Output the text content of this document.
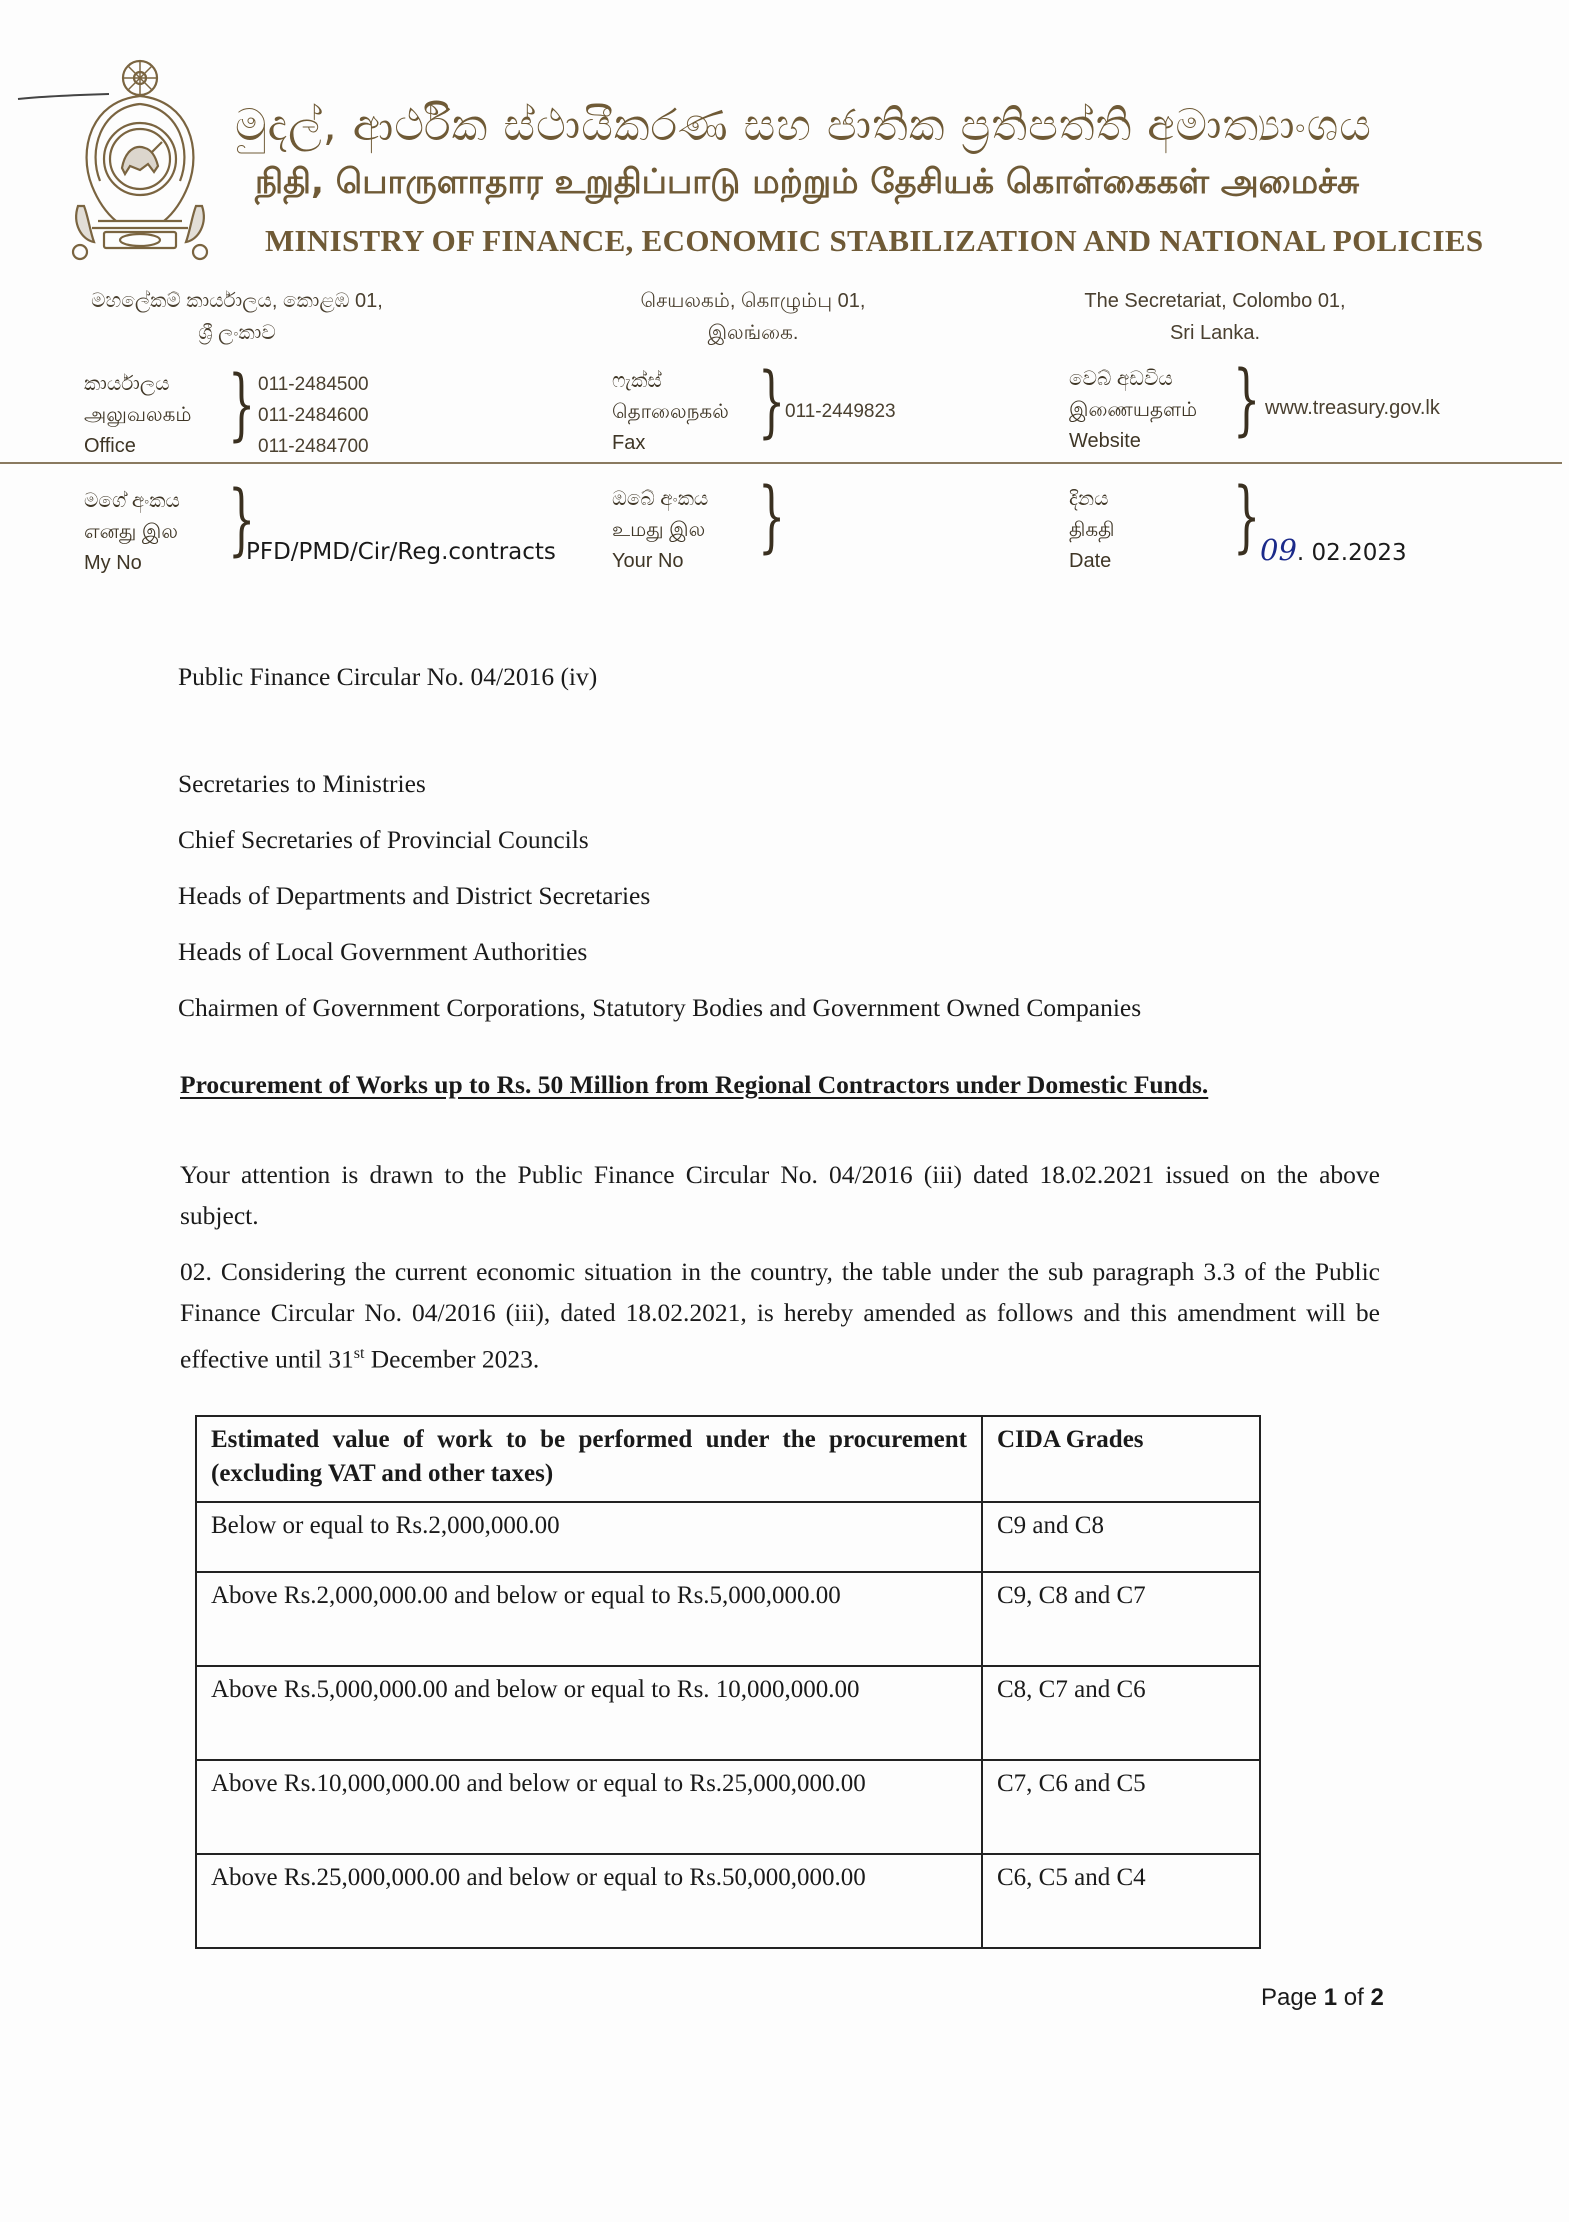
මුදල්, ආර්ථික ස්ථායීකරණ සහ ජාතික ප්‍රතිපත්ති අමාත්‍යාංශය
நிதி, பொருளாதார உறுதிப்பாடு மற்றும் தேசியக் கொள்கைகள் அமைச்சு
MINISTRY OF FINANCE, ECONOMIC STABILIZATION AND NATIONAL POLICIES
මහලේකම් කාර්යාලය, කොළඹ 01,
ශ්‍රී ලංකාව
செயலகம், கொழும்பு 01,
இலங்கை.
The Secretariat, Colombo 01,
Sri Lanka.
කාර්යාලය
அலுவலகம்
Office	} 011-2484500
011-2484600
011-2484700
ෆැක්ස්
தொலைநகல்
Fax	} 011-2449823
වෙබ් අඩවිය
இணையதளம்
Website	} www.treasury.gov.lk
මගේ අංකය
எனது இல
My No	}
PFD/PMD/Cir/Reg.contracts
ඔබේ අංකය
உமது இல
Your No }	දිනය
திகதி
Date } 09. 02.2023
Public Finance Circular No. 04/2016 (iv)
Secretaries to Ministries
Chief Secretaries of Provincial Councils
Heads of Departments and District Secretaries
Heads of Local Government Authorities
Chairmen of Government Corporations, Statutory Bodies and Government Owned Companies
Procurement of Works up to Rs. 50 Million from Regional Contractors under Domestic Funds.
Your attention is drawn to the Public Finance Circular No. 04/2016 (iii) dated 18.02.2021 issued on the above subject.
02. Considering the current economic situation in the country, the table under the sub paragraph 3.3 of the Public Finance Circular No. 04/2016 (iii), dated 18.02.2021, is hereby amended as follows and this amendment will be effective until 31st December 2023.
Estimated value of work to be performed under the procurement (excluding VAT and other taxes)	CIDA Grades
Below or equal to Rs.2,000,000.00	C9 and C8
Above Rs.2,000,000.00 and below or equal to Rs.5,000,000.00	C9, C8 and C7
Above Rs.5,000,000.00 and below or equal to Rs. 10,000,000.00	C8, C7 and C6
Above Rs.10,000,000.00 and below or equal to Rs.25,000,000.00	C7, C6 and C5
Above Rs.25,000,000.00 and below or equal to Rs.50,000,000.00	C6, C5 and C4
Page 1 of 2
